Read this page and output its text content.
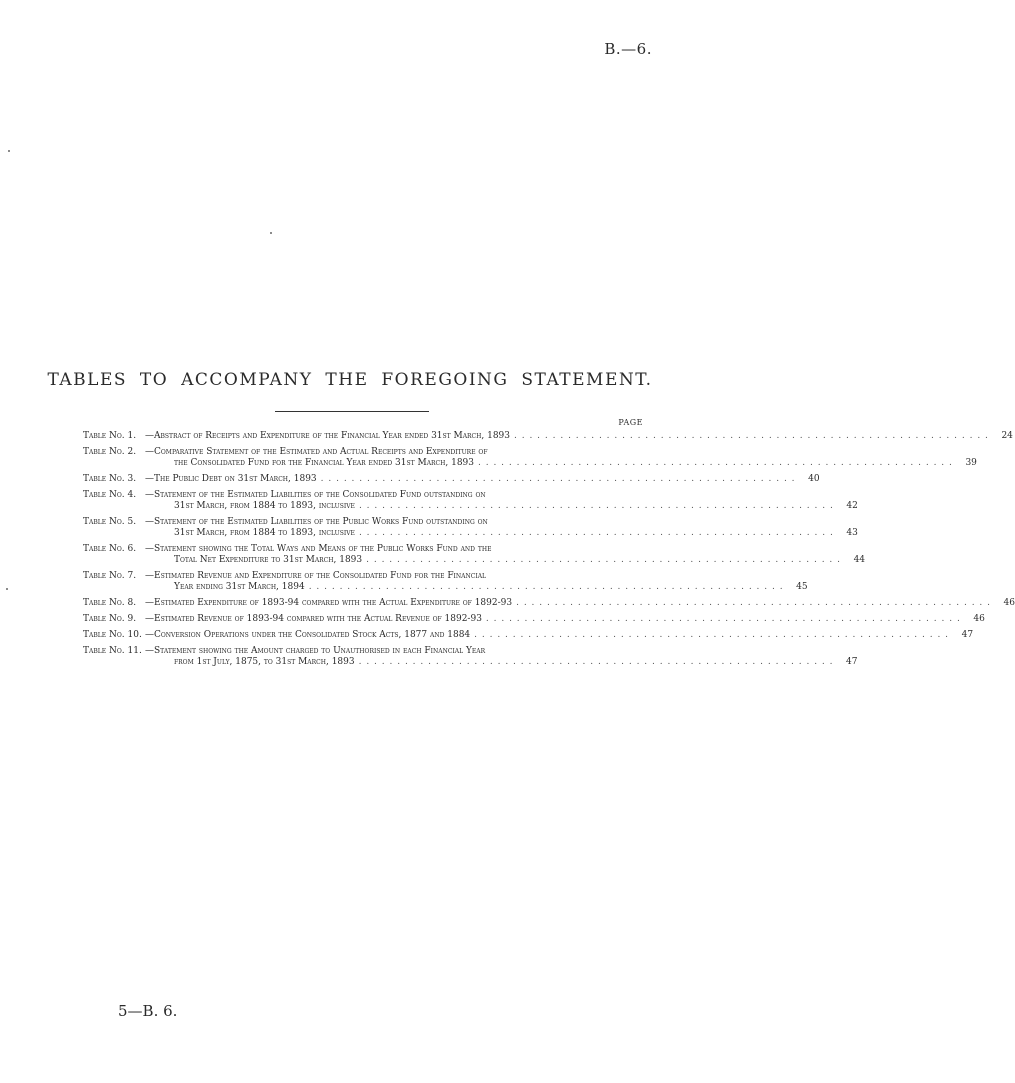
B.—6.
TABLES TO ACCOMPANY THE FOREGOING STATEMENT.
PAGE
Table No. 1. —Abstract of Receipts and Expenditure of the Financial Year ended 31st March, 1893 . . . . . . . . . . . . . . . . . . . . . . . . . . . . . . . . . . . . . . . . . . . . . . . . . . . . . . . . . . . . . .	24
Table No. 2. —Comparative Statement of the Estimated and Actual Receipts and Expenditure of
the Consolidated Fund for the Financial Year ended 31st March, 1893 . . . . . . . . . . . . . . . . . . . . . . . . . . . . . . . . . . . . . . . . . . . . . . . . . . . . . . . . . . . . . .	39
Table No. 3. —The Public Debt on 31st March, 1893 . . . . . . . . . . . . . . . . . . . . . . . . . . . . . . . . . . . . . . . . . . . . . . . . . . . . . . . . . . . . . .	40
Table No. 4. —Statement of the Estimated Liabilities of the Consolidated Fund outstanding on
31st March, from 1884 to 1893, inclusive . . . . . . . . . . . . . . . . . . . . . . . . . . . . . . . . . . . . . . . . . . . . . . . . . . . . . . . . . . . . . .	42
Table No. 5. —Statement of the Estimated Liabilities of the Public Works Fund outstanding on
31st March, from 1884 to 1893, inclusive . . . . . . . . . . . . . . . . . . . . . . . . . . . . . . . . . . . . . . . . . . . . . . . . . . . . . . . . . . . . . .	43
Table No. 6. —Statement showing the Total Ways and Means of the Public Works Fund and the
Total Net Expenditure to 31st March, 1893 . . . . . . . . . . . . . . . . . . . . . . . . . . . . . . . . . . . . . . . . . . . . . . . . . . . . . . . . . . . . . .	44
Table No. 7. —Estimated Revenue and Expenditure of the Consolidated Fund for the Financial
Year ending 31st March, 1894 . . . . . . . . . . . . . . . . . . . . . . . . . . . . . . . . . . . . . . . . . . . . . . . . . . . . . . . . . . . . . .	45
Table No. 8. —Estimated Expenditure of 1893-94 compared with the Actual Expenditure of 1892-93 . . . . . . . . . . . . . . . . . . . . . . . . . . . . . . . . . . . . . . . . . . . . . . . . . . . . . . . . . . . . . .	46
Table No. 9. —Estimated Revenue of 1893-94 compared with the Actual Revenue of 1892-93 . . . . . . . . . . . . . . . . . . . . . . . . . . . . . . . . . . . . . . . . . . . . . . . . . . . . . . . . . . . . . .	46
Table No. 10. —Conversion Operations under the Consolidated Stock Acts, 1877 and 1884 . . . . . . . . . . . . . . . . . . . . . . . . . . . . . . . . . . . . . . . . . . . . . . . . . . . . . . . . . . . . . .	47
Table No. 11. —Statement showing the Amount charged to Unauthorised in each Financial Year
from 1st July, 1875, to 31st March, 1893 . . . . . . . . . . . . . . . . . . . . . . . . . . . . . . . . . . . . . . . . . . . . . . . . . . . . . . . . . . . . . .	47
5—B. 6.
